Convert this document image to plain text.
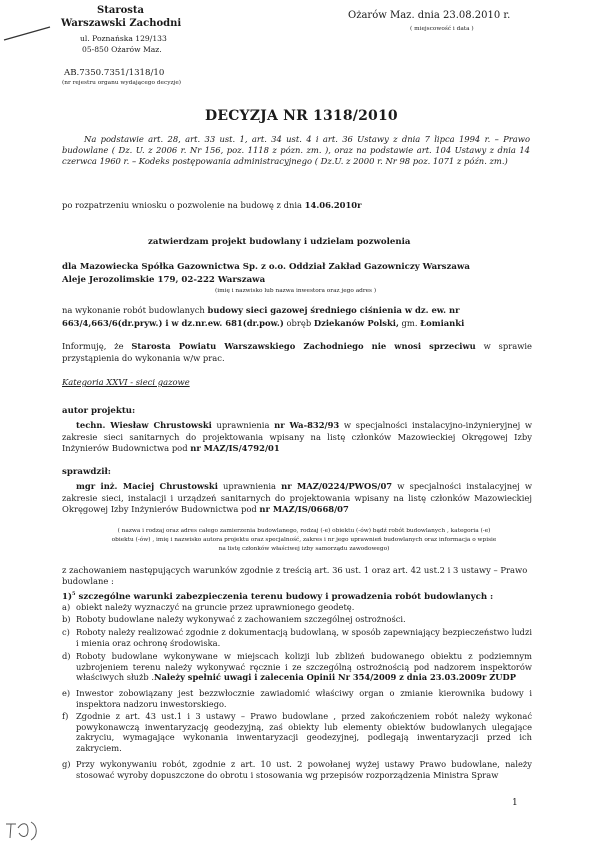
Starosta
Warszawski Zachodni
ul. Poznańska 129/133
05-850 Ożarów Maz.
AB.7350.7351/1318/10
(nr rejestru organu wydającego decyzje)
Ożarów Maz. dnia 23.08.2010 r.
( miejscowość i data )
DECYZJA NR 1318/2010
Na podstawie art. 28, art. 33 ust. 1, art. 34 ust. 4 i art. 36 Ustawy z dnia 7 lipca 1994 r. – Prawo budowlane ( Dz. U. z 2006 r. Nr 156, poz. 1118 z pózn. zm. ), oraz na podstawie art. 104 Ustawy z dnia 14 czerwca 1960 r. – Kodeks postępowania administracyjnego ( Dz.U. z 2000 r. Nr 98 poz. 1071 z późn. zm.)
po rozpatrzeniu wniosku o pozwolenie na budowę z dnia 14.06.2010r
zatwierdzam projekt budowlany i udzielam pozwolenia
dla Mazowiecka Spółka Gazownictwa Sp. z o.o. Oddział Zakład Gazowniczy Warszawa
Aleje Jerozolimskie 179, 02-222 Warszawa
(imię i nazwisko lub nazwa inwestora oraz jego adres )
na wykonanie robót budowlanych budowy sieci gazowej średniego ciśnienia w dz. ew. nr
663/4,663/6(dr.pryw.) i w dz.nr.ew. 681(dr.pow.) obręb Dziekanów Polski, gm. Łomianki
Informuję, że Starosta Powiatu Warszawskiego Zachodniego nie wnosi sprzeciwu w sprawie przystąpienia do wykonania w/w prac.
Kategoria XXVI - sieci gazowe
autor projektu:
techn. Wiesław Chrustowski uprawnienia nr Wa-832/93 w specjalności instalacyjno-inżynieryjnej w zakresie sieci sanitarnych do projektowania wpisany na listę członków Mazowieckiej Okręgowej Izby Inżynierów Budownictwa pod nr MAZ/IS/4792/01
sprawdził:
mgr inż. Maciej Chrustowski uprawnienia nr MAZ/0224/PWOS/07 w specjalności instalacyjnej w zakresie sieci, instalacji i urządzeń sanitarnych do projektowania wpisany na listę członków Mazowieckiej Okręgowej Izby Inżynierów Budownictwa pod nr MAZ/IS/0668/07
( nazwa i rodzaj oraz adres całego zamierzenia budowlanego, rodzaj (-e) obiektu (-ów) bądź robót budowlanych , kategoria (-e) obiektu (-ów) , imię i nazwisko autora projektu oraz specjalność, zakres i nr jego uprawnień budowlanych oraz informacja o wpisie na listę członków właściwej izby samorządu zawodowego)
z zachowaniem następujących warunków zgodnie z treścią art. 36 ust. 1 oraz art. 42 ust.2 i 3 ustawy – Prawo budowlane :
1)$^5$ szczególne warunki zabezpieczenia terenu budowy i prowadzenia robót budowlanych :
a) obiekt należy wyznaczyć na gruncie przez uprawnionego geodetę.
b) Roboty budowlane należy wykonywać z zachowaniem szczególnej ostrożności.
c) Roboty należy realizować zgodnie z dokumentacją budowlaną, w sposób zapewniający bezpieczeństwo ludzi i mienia oraz ochronę środowiska.
d) Roboty budowlane wykonywane w miejscach kolizji lub zbliżeń budowanego obiektu z podziemnym uzbrojeniem terenu należy wykonywać ręcznie i ze szczególną ostrożnością pod nadzorem inspektorów właściwych służb .Należy spełnić uwagi i zalecenia Opinii Nr 354/2009 z dnia 23.03.2009r ZUDP
e) Inwestor zobowiązany jest bezzwłocznie zawiadomić właściwy organ o zmianie kierownika budowy i inspektora nadzoru inwestorskiego.
f) Zgodnie z art. 43 ust.1 i 3 ustawy – Prawo budowlane , przed zakończeniem robót należy wykonać powykonawczą inwentaryzację geodezyjną, zaś obiekty lub elementy obiektów budowlanych ulegające zakryciu, wymagające wykonania inwentaryzacji geodezyjnej, podlegają inwentaryzacji przed ich zakryciem.
g) Przy wykonywaniu robót, zgodnie z art. 10 ust. 2 powołanej wyżej ustawy Prawo budowlane, należy stosować wyroby dopuszczone do obrotu i stosowania wg przepisów rozporządzenia Ministra Spraw
1
